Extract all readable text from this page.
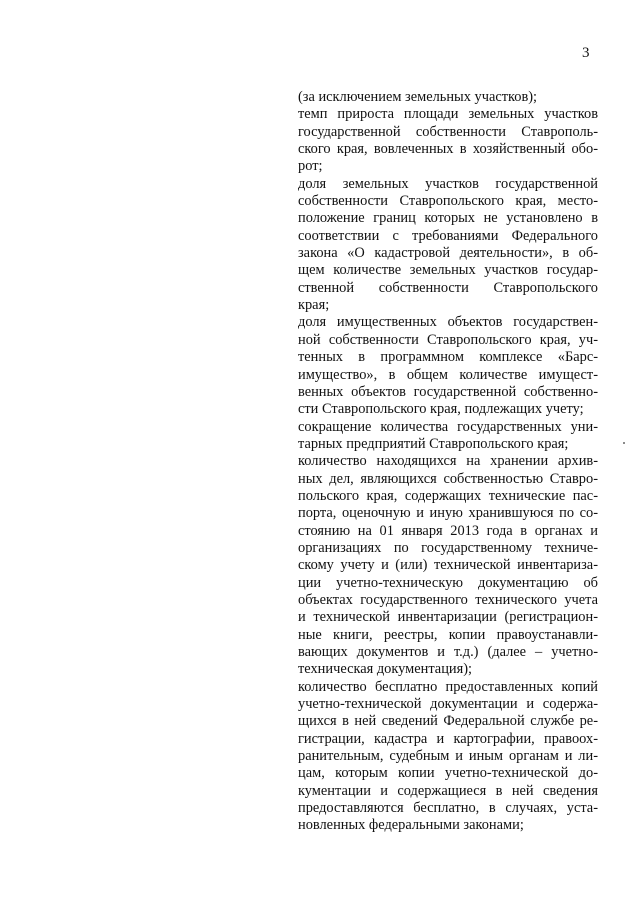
3
(за исключением земельных участков);
темп прироста площади земельных участков
государственной собственности Ставрополь-
ского края, вовлеченных в хозяйственный обо-
рот;
доля земельных участков государственной
собственности Ставропольского края, место-
положение границ которых не установлено в
соответствии с требованиями Федерального
закона «О кадастровой деятельности», в об-
щем количестве земельных участков государ-
ственной собственности Ставропольского
края;
доля имущественных объектов государствен-
ной собственности Ставропольского края, уч-
тенных в программном комплексе «Барс-
имущество», в общем количестве имущест-
венных объектов государственной собственно-
сти Ставропольского края, подлежащих учету;
сокращение количества государственных уни-
тарных предприятий Ставропольского края;
количество находящихся на хранении архив-
ных дел, являющихся собственностью Ставро-
польского края, содержащих технические пас-
порта, оценочную и иную хранившуюся по со-
стоянию на 01 января 2013 года в органах и
организациях по государственному техниче-
скому учету и (или) технической инвентариза-
ции учетно-техническую документацию об
объектах государственного технического учета
и технической инвентаризации (регистрацион-
ные книги, реестры, копии правоустанавли-
вающих документов и т.д.) (далее – учетно-
техническая документация);
количество бесплатно предоставленных копий
учетно-технической документации и содержа-
щихся в ней сведений Федеральной службе ре-
гистрации, кадастра и картографии, правоох-
ранительным, судебным и иным органам и ли-
цам, которым копии учетно-технической до-
кументации и содержащиеся в ней сведения
предоставляются бесплатно, в случаях, уста-
новленных федеральными законами;
